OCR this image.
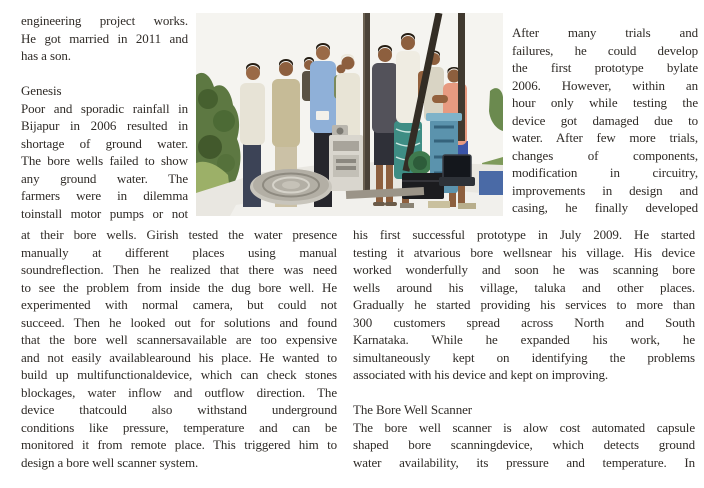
engineering project works.
He got married in 2011 and
has a son.

Genesis
Poor and sporadic rainfall in
Bijapur in 2006 resulted in
shortage of ground water.
The bore wells failed to show
any ground water. The
farmers were in dilemma
toinstall motor pumps or not
After many trials and
failures, he could develop
the first prototype bylate
2006. However, within an
hour only while testing the
device got damaged due to
water. After few more trials,
changes of components,
modification in circuitry,
improvements in design and
casing, he finally developed
at their bore wells. Girish tested the water presence
manually at different places using manual
soundreflection. Then he realized that there was need
to see the problem from inside the dug bore well. He
experimented with normal camera, but could not
succeed. Then he looked out for solutions and found
that the bore well scannersavailable are too expensive
and not easily availablearound his place. He wanted to
build up multifunctionaldevice, which can check stones
blockages, water inflow and outflow direction. The
device thatcould also withstand underground
conditions like pressure, temperature and can be
monitored it from remote place. This triggered him to
design a bore well scanner system.
his first successful prototype in July 2009. He started
testing it atvarious bore wellsnear his village. His device
worked wonderfully and soon he was scanning bore
wells around his village, taluka and other places.
Gradually he started providing his services to more than
300 customers spread across North and South
Karnataka. While he expanded his work, he
simultaneously kept on identifying the problems
associated with his device and kept on improving.

The Bore Well Scanner
The bore well scanner is alow cost automated capsule
shaped bore scanningdevice, which detects ground
water availability, its pressure and temperature. In
